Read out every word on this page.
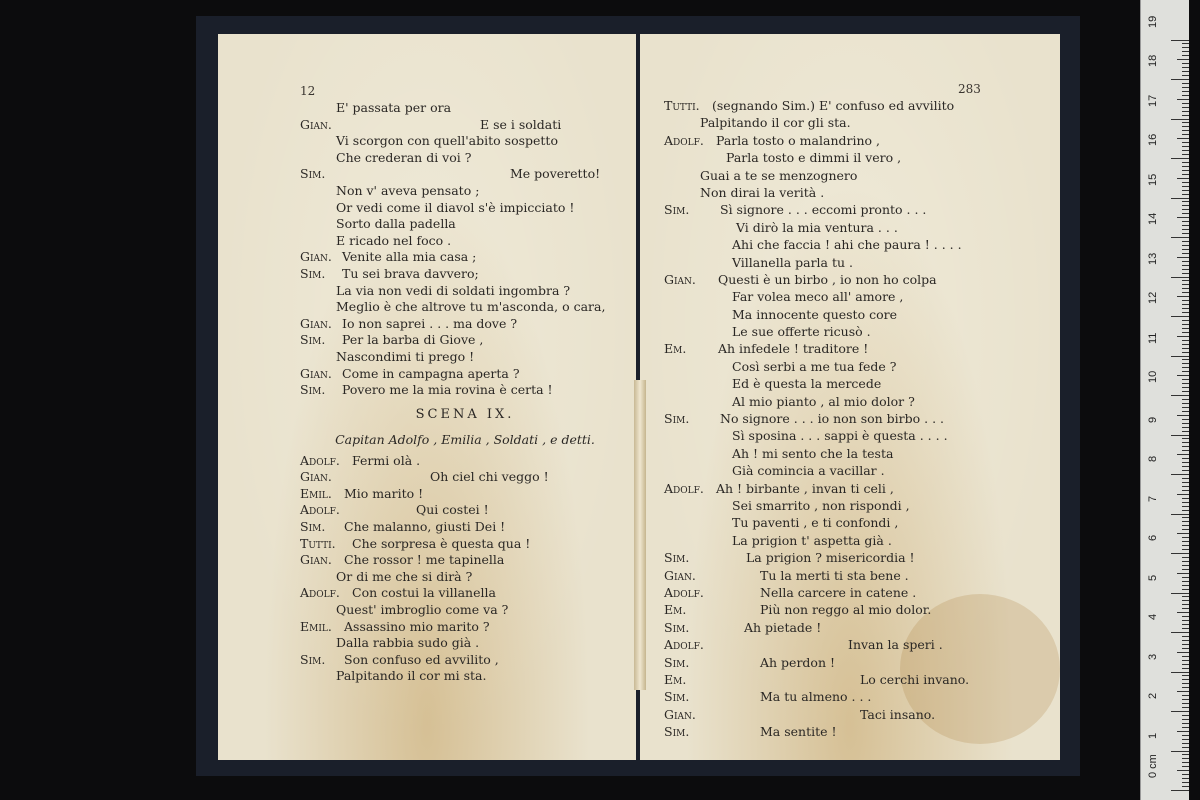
12	283
E' passata per ora
Gian.	E se i soldati
Vi scorgon con quell'abito sospetto
Che crederan di voi ?
Sim.	Me poveretto!
Non v' aveva pensato ;
Or vedi come il diavol s'è impicciato !
Sorto dalla padella
E ricado nel foco .
Gian. Venite alla mia casa ;
Sim. Tu sei brava davvero;
La via non vedi di soldati ingombra ?
Meglio è che altrove tu m'asconda, o cara,
Gian. Io non saprei . . . ma dove ?
Sim. Per la barba di Giove ,
Nascondimi ti prego !
Gian. Come in campagna aperta ?
Sim. Povero me la mia rovina è certa !
SCENA IX.
Capitan Adolfo , Emilia , Soldati , e detti.
Adolf. Fermi olà .
Gian.	Oh ciel chi veggo !
Emil. Mio marito !
Adolf.	Qui costei !
Sim. Che malanno, giusti Dei !
Tutti. Che sorpresa è questa qua !
Gian. Che rossor ! me tapinella
Or di me che si dirà ?
Adolf. Con costui la villanella
Quest' imbroglio come va ?
Emil. Assassino mio marito ?
Dalla rabbia sudo già .
Sim. Son confuso ed avvilito ,
Palpitando il cor mi sta.
Tutti. (segnando Sim.) E' confuso ed avvilito
Palpitando il cor gli sta.
Adolf. Parla tosto o malandrino ,
Parla tosto e dimmi il vero ,
Guai a te se menzognero
Non dirai la verità .
Sim. Sì signore . . . eccomi pronto . . .
Vi dirò la mia ventura . . .
Ahi che faccia ! ahi che paura ! . . . .
Villanella parla tu .
Gian. Questi è un birbo , io non ho colpa
Far volea meco all' amore ,
Ma innocente questo core
Le sue offerte ricusò .
Em.	Ah infedele ! traditore !
Così serbi a me tua fede ?
Ed è questa la mercede
Al mio pianto , al mio dolor ?
Sim. No signore . . . io non son birbo . . .
Sì sposina . . . sappi è questa . . . .
Ah ! mi sento che la testa
Già comincia a vacillar .
Adolf. Ah ! birbante , invan ti celi ,
Sei smarrito , non rispondi ,
Tu paventi , e ti confondi ,
La prigion t' aspetta già .
Sim.	La prigion ? misericordia !
Gian.	Tu la merti ti sta bene .
Adolf.	Nella carcere in catene .
Em.	Più non reggo al mio dolor.
Sim.	Ah pietade !
Adolf.	Invan la speri .
Sim.	Ah perdon !
Em.	Lo cerchi invano.
Sim.	Ma tu almeno . . .
Gian.	Taci insano.
Sim.	Ma sentite !
0 cm
1
2
3
4
5
6
7
8
9
10
11
12
13
14
15
16
17
18
19
